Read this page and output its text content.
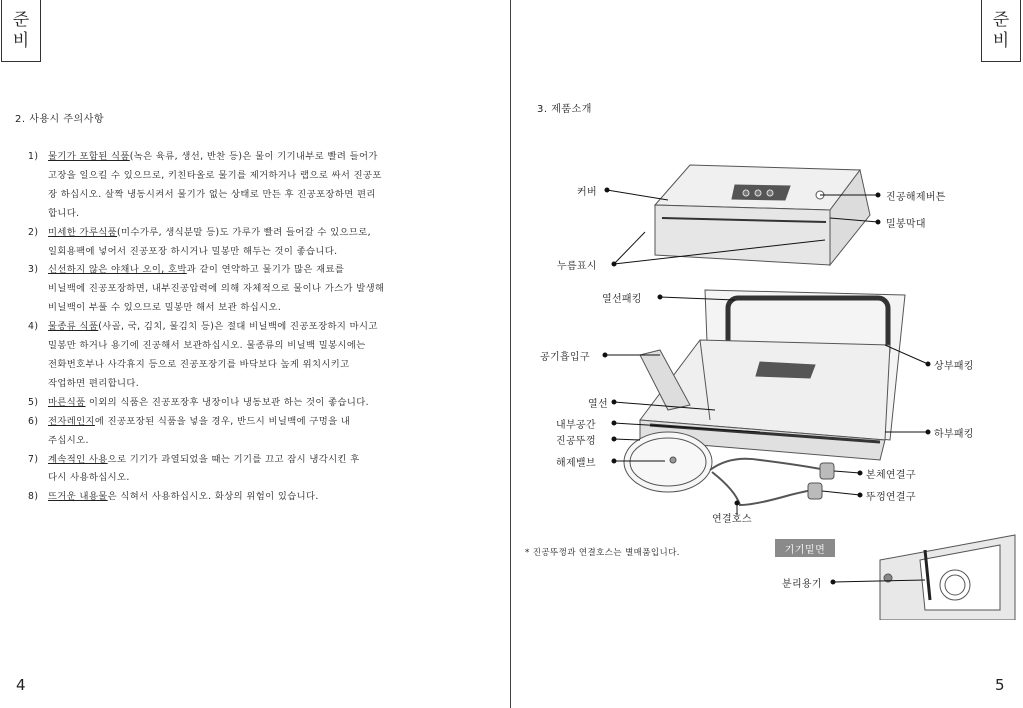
준
비
준
비
2. 사용시 주의사항
1)	물기가 포함된 식품(녹은 육류, 생선, 반찬 등)은 물이 기기내부로 빨려 들어가
고장을 일으킬 수 있으므로, 키친타올로 물기를 제거하거나 랩으로 싸서 진공포
장 하십시오. 살짝 냉동시켜서 물기가 없는 상태로 만든 후 진공포장하면 편리
합니다.
2)	미세한 가루식품(미수가루, 생식분말 등)도 가루가 빨려 들어갈 수 있으므로,
일회용팩에 넣어서 진공포장 하시거나 밀봉만 해두는 것이 좋습니다.
3)	신선하지 않은 야채나 오이, 호박과 같이 연약하고 물기가 많은 재료를
비닐백에 진공포장하면, 내부진공압력에 의해 자체적으로 물이나 가스가 발생해
비닐백이 부풀 수 있으므로 밀봉만 해서 보관 하십시오.
4)	물종류 식품(사골, 국, 김치, 물김치 등)은 절대 비닐백에 진공포장하지 마시고
밀봉만 하거나 용기에 진공해서 보관하십시오. 물종류의 비닐백 밀봉시에는
전화번호부나 사각휴지 등으로 진공포장기를 바닥보다 높게 위치시키고
작업하면 편리합니다.
5)	마른식품 이외의 식품은 진공포장후 냉장이나 냉동보관 하는 것이 좋습니다.
6)	전자레인지에 진공포장된 식품을 넣을 경우, 반드시 비닐백에 구멍을 내
주십시오.
7)	계속적인 사용으로 기기가 과열되었을 때는 기기를 끄고 잠시 냉각시킨 후
다시 사용하십시오.
8)	뜨거운 내용물은 식혀서 사용하십시오. 화상의 위험이 있습니다.
4
3. 제품소개
커버	진공해제버튼
밀봉막대
누름표시
열선패킹
상부패킹
공기흡입구
열선
내부공간
진공뚜껑
해제밸브
하부패킹
본체연결구
뚜껑연결구
연결호스
분리용기
* 진공뚜껑과 연결호스는 별매품입니다.	기기밑면
5
